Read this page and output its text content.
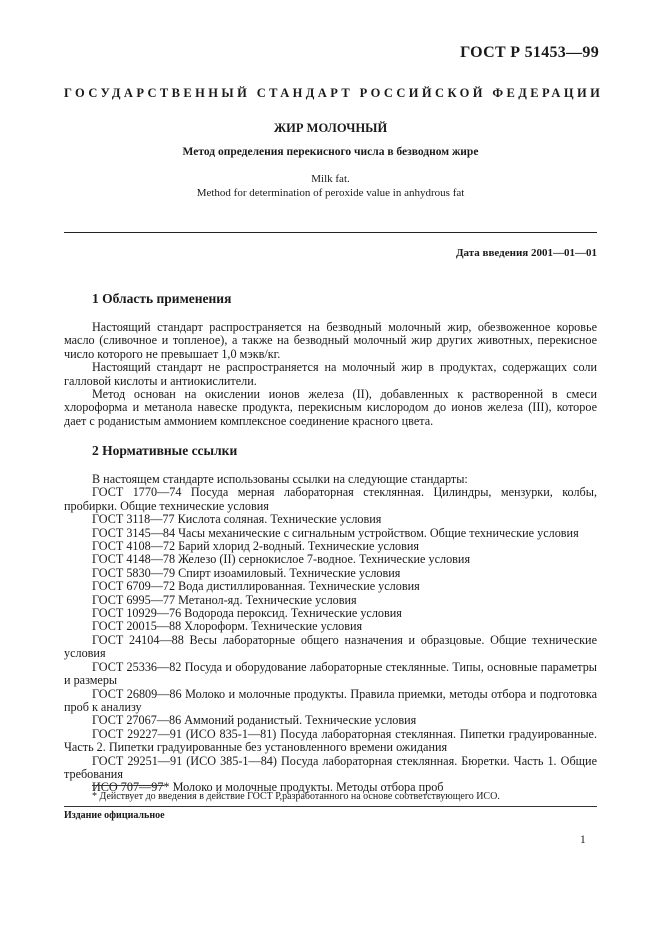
ГОСТ Р 51453—99
ГОСУДАРСТВЕННЫЙ СТАНДАРТ РОССИЙСКОЙ ФЕДЕРАЦИИ
ЖИР МОЛОЧНЫЙ
Метод определения перекисного числа в безводном жире
Milk fat.
Method for determination of peroxide value in anhydrous fat
Дата введения 2001—01—01
1 Область применения

Настоящий стандарт распространяется на безводный молочный жир, обезвоженное коровье масло (сливочное и топленое), а также на безводный молочный жир других животных, перекисное число которого не превышает 1,0 мэкв/кг.

Настоящий стандарт не распространяется на молочный жир в продуктах, содержащих соли галловой кислоты и антиокислители.

Метод основан на окислении ионов железа (II), добавленных к растворенной в смеси хлороформа и метанола навеске продукта, перекисным кислородом до ионов железа (III), которое дает с роданистым аммонием комплексное соединение красного цвета.

2 Нормативные ссылки

В настоящем стандарте использованы ссылки на следующие стандарты:

ГОСТ 1770—74 Посуда мерная лабораторная стеклянная. Цилиндры, мензурки, колбы, пробирки. Общие технические условия

ГОСТ 3118—77 Кислота соляная. Технические условия

ГОСТ 3145—84 Часы механические с сигнальным устройством. Общие технические условия

ГОСТ 4108—72 Барий хлорид 2-водный. Технические условия

ГОСТ 4148—78 Железо (II) сернокислое 7-водное. Технические условия

ГОСТ 5830—79 Спирт изоамиловый. Технические условия

ГОСТ 6709—72 Вода дистиллированная. Технические условия

ГОСТ 6995—77 Метанол-яд. Технические условия

ГОСТ 10929—76 Водорода пероксид. Технические условия

ГОСТ 20015—88 Хлороформ. Технические условия

ГОСТ 24104—88 Весы лабораторные общего назначения и образцовые. Общие технические условия

ГОСТ 25336—82 Посуда и оборудование лабораторные стеклянные. Типы, основные параметры и размеры

ГОСТ 26809—86 Молоко и молочные продукты. Правила приемки, методы отбора и подготовка проб к анализу

ГОСТ 27067—86 Аммоний роданистый. Технические условия

ГОСТ 29227—91 (ИСО 835-1—81) Посуда лабораторная стеклянная. Пипетки градуированные. Часть 2. Пипетки градуированные без установленного времени ожидания

ГОСТ 29251—91 (ИСО 385-1—84) Посуда лабораторная стеклянная. Бюретки. Часть 1. Общие требования

ИСО 707—97* Молоко и молочные продукты. Методы отбора проб

* Действует до введения в действие ГОСТ Р,разработанного на основе соответствующего ИСО.
Издание официальное
1
